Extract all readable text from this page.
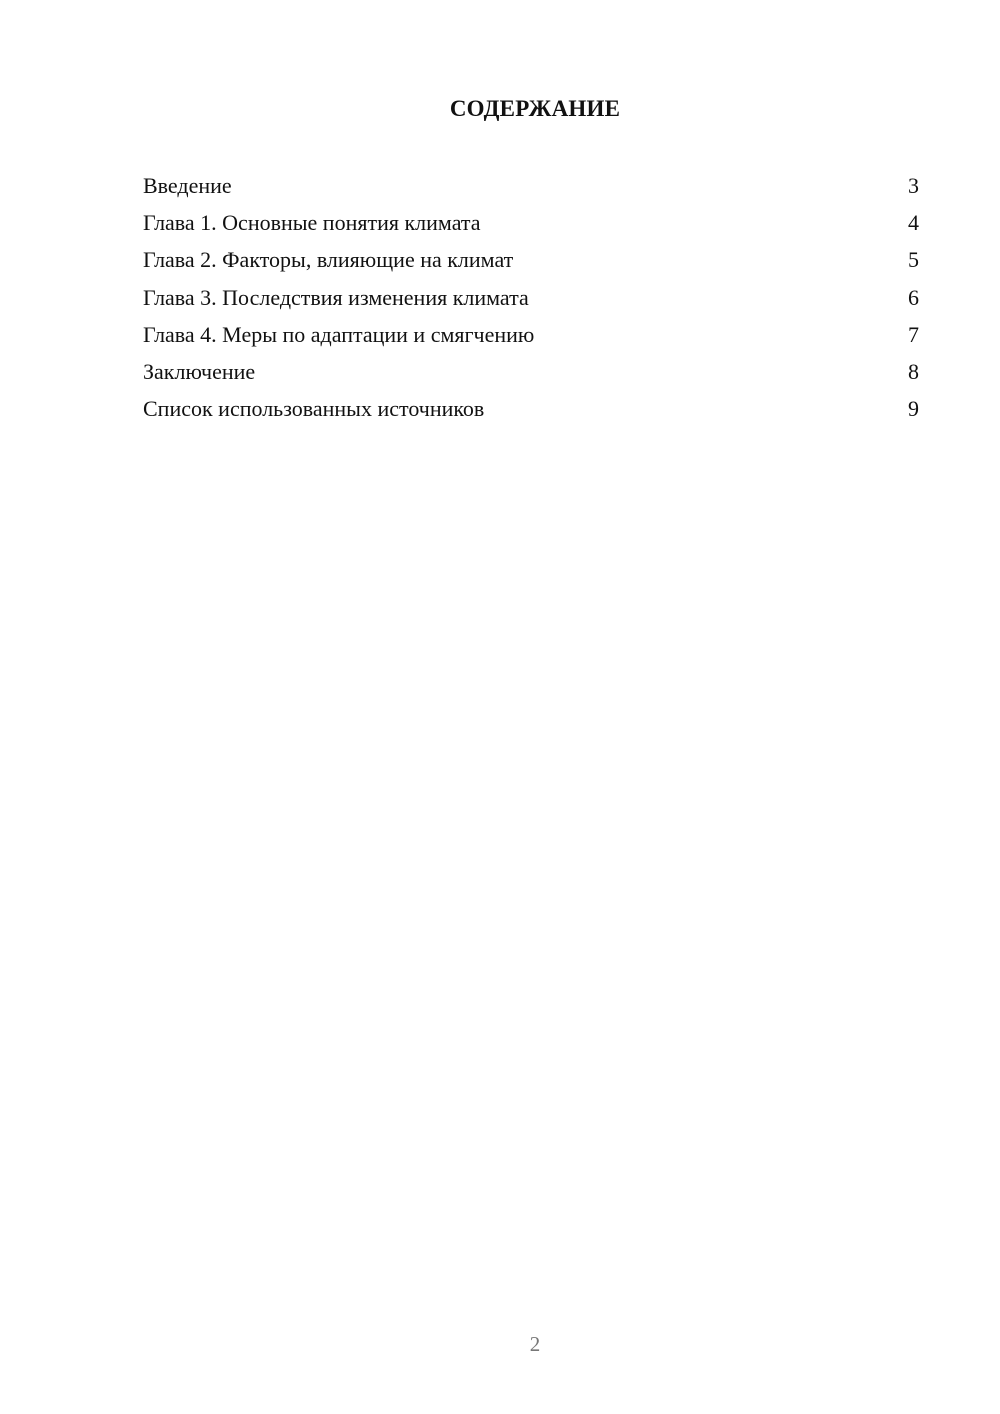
СОДЕРЖАНИЕ
Введение	3
Глава 1. Основные понятия климата	4
Глава 2. Факторы, влияющие на климат	5
Глава 3. Последствия изменения климата	6
Глава 4. Меры по адаптации и смягчению	7
Заключение	8
Список использованных источников	9

2
